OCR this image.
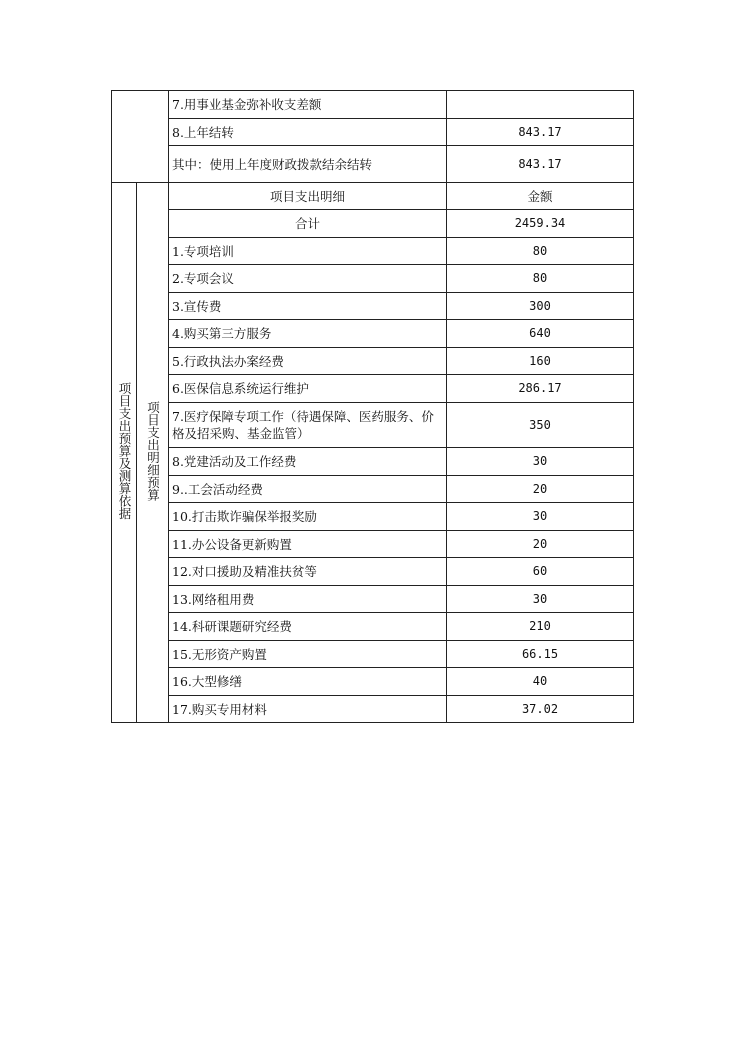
		7.用事业基金弥补收支差额	
		8.上年结转	843.17
		其中：使用上年度财政拨款结余结转	843.17
项目支出预算及测算依据	项目支出明细预算	项目支出明细	金额
		合计	2459.34
		1.专项培训	80
		2.专项会议	80
		3.宣传费	300
		4.购买第三方服务	640
		5.行政执法办案经费	160
		6.医保信息系统运行维护	286.17
		7.医疗保障专项工作（待遇保障、医药服务、价格及招采购、基金监管）	350
		8.党建活动及工作经费	30
		9..工会活动经费	20
		10.打击欺诈骗保举报奖励	30
		11.办公设备更新购置	20
		12.对口援助及精准扶贫等	60
		13.网络租用费	30
		14.科研课题研究经费	210
		15.无形资产购置	66.15
		16.大型修缮	40
		17.购买专用材料	37.02
